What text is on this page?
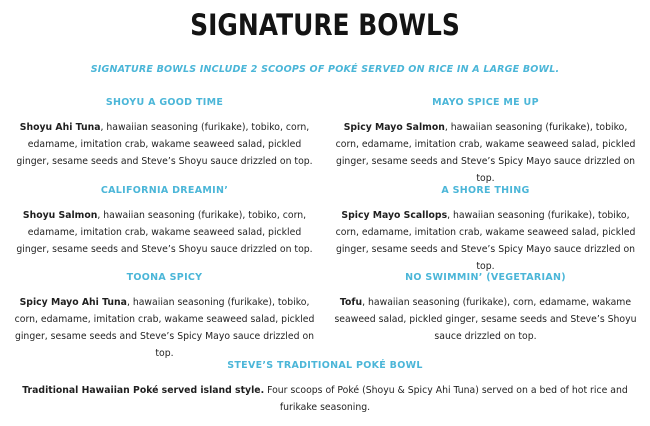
SIGNATURE BOWLS
SIGNATURE BOWLS INCLUDE 2 SCOOPS OF POKÉ SERVED ON RICE IN A LARGE BOWL.
SHOYU A GOOD TIME
Shoyu Ahi Tuna, hawaiian seasoning (furikake), tobiko, corn, edamame, imitation crab, wakame seaweed salad, pickled ginger, sesame seeds and Steve’s Shoyu sauce drizzled on top.
CALIFORNIA DREAMIN’
Shoyu Salmon, hawaiian seasoning (furikake), tobiko, corn, edamame, imitation crab, wakame seaweed salad, pickled ginger, sesame seeds and Steve’s Shoyu sauce drizzled on top.
TOONA SPICY
Spicy Mayo Ahi Tuna, hawaiian seasoning (furikake), tobiko, corn, edamame, imitation crab, wakame seaweed salad, pickled ginger, sesame seeds and Steve’s Spicy Mayo sauce drizzled on top.
MAYO SPICE ME UP
Spicy Mayo Salmon, hawaiian seasoning (furikake), tobiko, corn, edamame, imitation crab, wakame seaweed salad, pickled ginger, sesame seeds and Steve’s Spicy Mayo sauce drizzled on top.
A SHORE THING
Spicy Mayo Scallops, hawaiian seasoning (furikake), tobiko, corn, edamame, imitation crab, wakame seaweed salad, pickled ginger, sesame seeds and Steve’s Spicy Mayo sauce drizzled on top.
NO SWIMMIN’ (VEGETARIAN)
Tofu, hawaiian seasoning (furikake), corn, edamame, wakame seaweed salad, pickled ginger, sesame seeds and Steve’s Shoyu sauce drizzled on top.
STEVE’S TRADITIONAL POKÉ BOWL
Traditional Hawaiian Poké served island style. Four scoops of Poké (Shoyu & Spicy Ahi Tuna) served on a bed of hot rice and furikake seasoning.
